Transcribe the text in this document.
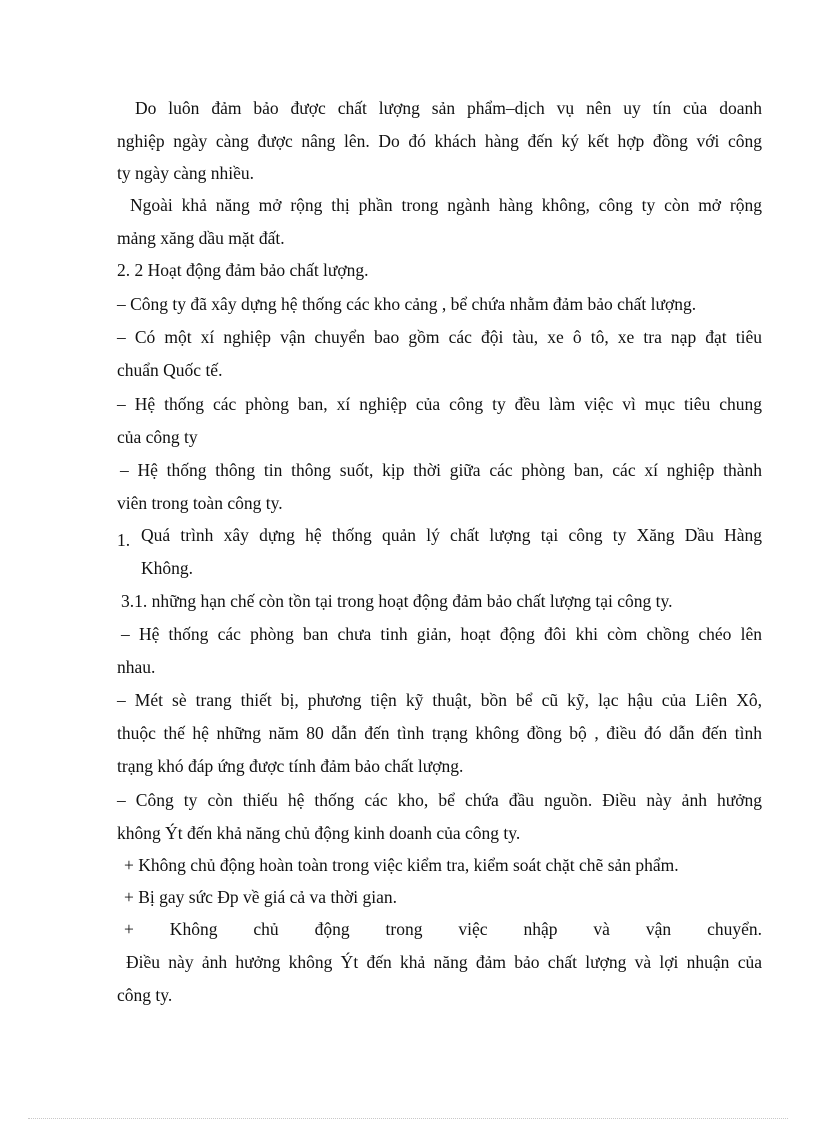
Do luôn đảm bảo được chất lượng sản phẩm–dịch vụ nên uy tín của doanh
nghiệp ngày càng được nâng lên. Do đó khách hàng đến ký kết hợp đồng với công
ty ngày càng nhiều.
Ngoài khả năng mở rộng thị phần trong ngành hàng không, công ty còn mở rộng
mảng xăng dầu mặt đất.
2. 2 Hoạt động đảm bảo chất lượng.
– Công ty đã xây dựng hệ thống các kho cảng , bể chứa nhằm đảm bảo chất lượng.
– Có một xí nghiệp vận chuyển bao gồm các đội tàu, xe ô tô, xe tra nạp đạt tiêu
chuẩn Quốc tế.
– Hệ thống các phòng ban, xí nghiệp của công ty đều làm việc vì mục tiêu chung
của công ty
– Hệ thống thông tin thông suốt, kịp thời giữa các phòng ban, các xí nghiệp thành
viên trong toàn công ty.
1. Quá trình xây dựng hệ thống quản lý chất lượng tại công ty Xăng Dầu Hàng
Không.
3.1. những hạn chế còn tồn tại trong hoạt động đảm bảo chất lượng tại công ty.
– Hệ thống các phòng ban chưa tinh giản, hoạt động đôi khi còm chồng chéo lên
nhau.
– Mét sè trang thiết bị, phương tiện kỹ thuật, bồn bể cũ kỹ, lạc hậu của Liên Xô,
thuộc thế hệ những năm 80 dẫn đến tình trạng không đồng bộ , điều đó dẫn đến tình
trạng khó đáp ứng được tính đảm bảo chất lượng.
– Công ty còn thiếu hệ thống các kho, bể chứa đầu nguồn. Điều này ảnh hưởng
không Ýt đến khả năng chủ động kinh doanh của công ty.
+ Không chủ động hoàn toàn trong việc kiểm tra, kiểm soát chặt chẽ sản phẩm.
+ Bị gay sức Ðp về giá cả va thời gian.
+ Không chủ động trong việc nhập và vận chuyển.
Điều này ảnh hưởng không Ýt đến khả năng đảm bảo chất lượng và lợi nhuận của
công ty.
